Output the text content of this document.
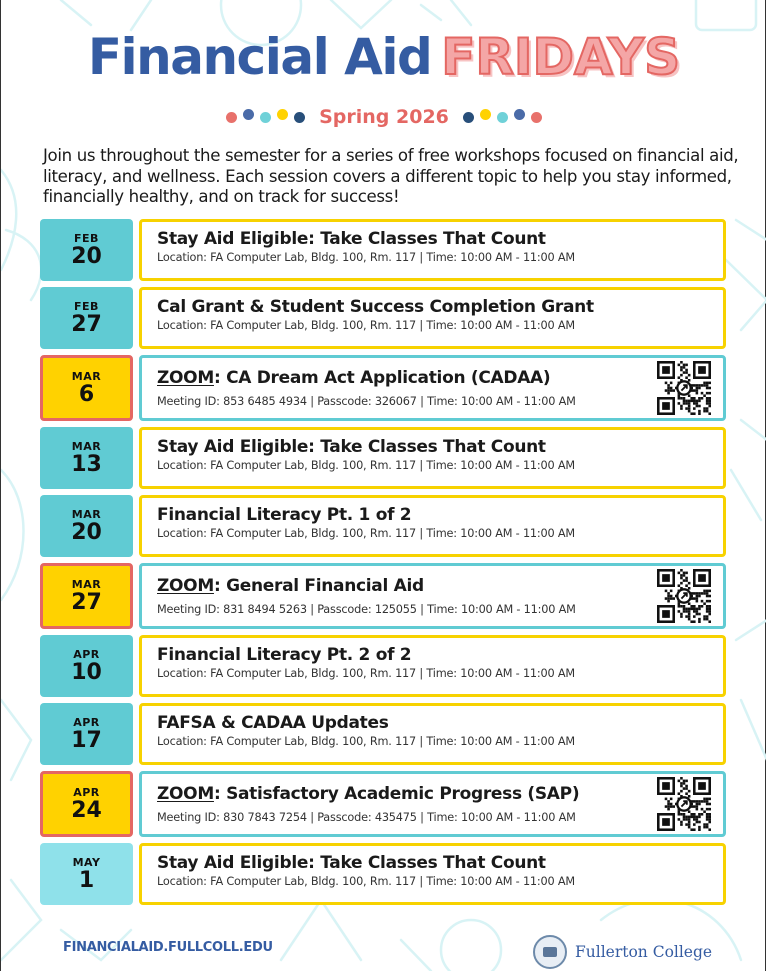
Financial Aid FRIDAYS
Spring 2026

Join us throughout the semester for a series of free workshops focused on financial aid, literacy, and wellness. Each session covers a different topic to help you stay informed, financially healthy, and on track for success!

FEB
20
Stay Aid Eligible: Take Classes That Count
Location: FA Computer Lab, Bldg. 100, Rm. 117 | Time: 10:00 AM - 11:00 AM
FEB
27
Cal Grant & Student Success Completion Grant
Location: FA Computer Lab, Bldg. 100, Rm. 117 | Time: 10:00 AM - 11:00 AM
MAR
6
ZOOM: CA Dream Act Application (CADAA)
Meeting ID: 853 6485 4934 | Passcode: 326067 | Time: 10:00 AM - 11:00 AM
MAR
13
Stay Aid Eligible: Take Classes That Count
Location: FA Computer Lab, Bldg. 100, Rm. 117 | Time: 10:00 AM - 11:00 AM
MAR
20
Financial Literacy Pt. 1 of 2
Location: FA Computer Lab, Bldg. 100, Rm. 117 | Time: 10:00 AM - 11:00 AM
MAR
27
ZOOM: General Financial Aid
Meeting ID: 831 8494 5263 | Passcode: 125055 | Time: 10:00 AM - 11:00 AM
APR
10
Financial Literacy Pt. 2 of 2
Location: FA Computer Lab, Bldg. 100, Rm. 117 | Time: 10:00 AM - 11:00 AM
APR
17
FAFSA & CADAA Updates
Location: FA Computer Lab, Bldg. 100, Rm. 117 | Time: 10:00 AM - 11:00 AM
APR
24
ZOOM: Satisfactory Academic Progress (SAP)
Meeting ID: 830 7843 7254 | Passcode: 435475 | Time: 10:00 AM - 11:00 AM
MAY
1
Stay Aid Eligible: Take Classes That Count
Location: FA Computer Lab, Bldg. 100, Rm. 117 | Time: 10:00 AM - 11:00 AM
FINANCIALAID.FULLCOLL.EDU	Fullerton College
